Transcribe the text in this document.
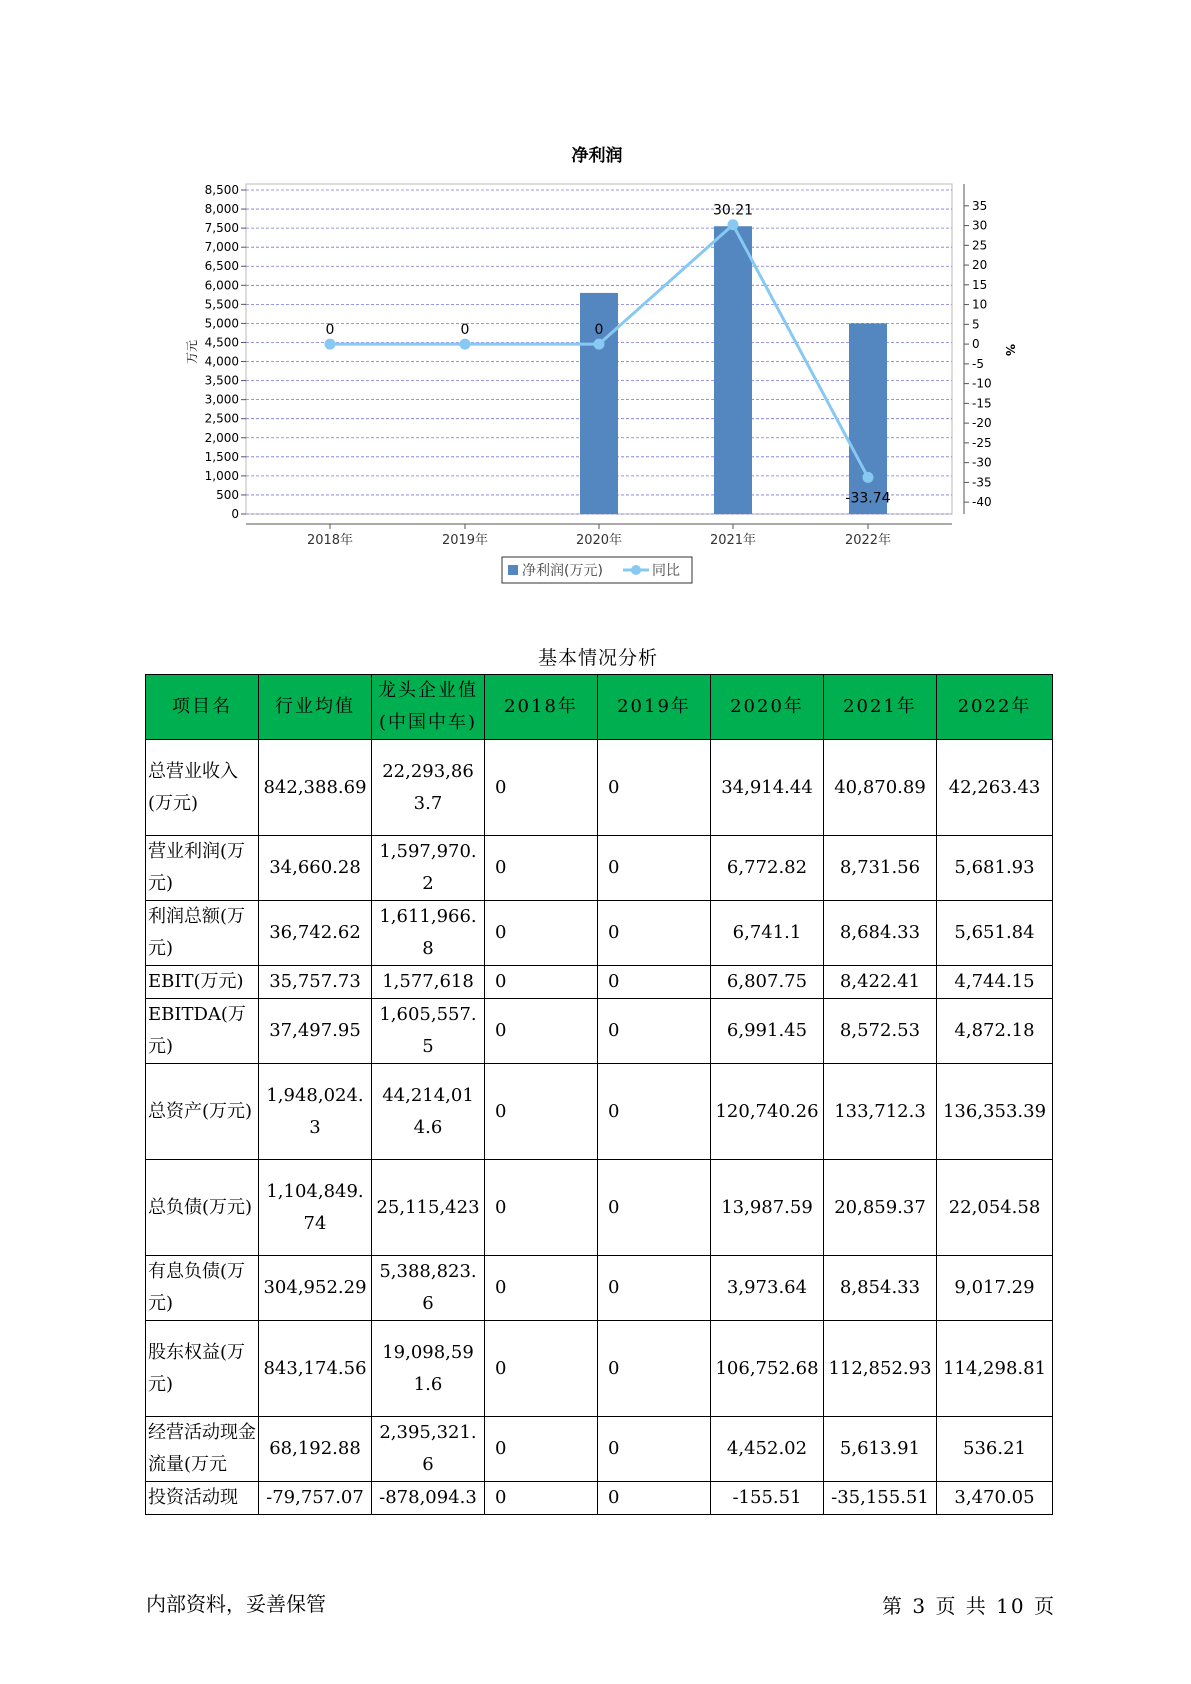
净利润
0
500
1,000
1,500
2,000
2,500
3,000
3,500
4,000
4,500
5,000
5,500
6,000
6,500
7,000
7,500
8,000
8,500
35
30
25
20
15
10
5
0
-5
-10
-15
-20
-25
-30
-35
-40
2018年	2019年	2020年	2021年	2022年
万元	%
0	0	0
30.21
-33.74
净利润(万元)	同比
基本情况分析
项目名	行业均值	龙头企业值(中国中车)	2018年	2019年	2020年	2021年	2022年
总营业收入(万元)	842,388.69	22,293,863.7	0	0	34,914.44	40,870.89	42,263.43
营业利润(万元)	34,660.28	1,597,970.2	0	0	6,772.82	8,731.56	5,681.93
利润总额(万元)	36,742.62	1,611,966.8	0	0	6,741.1	8,684.33	5,651.84
EBIT(万元)	35,757.73	1,577,618	0	0	6,807.75	8,422.41	4,744.15
EBITDA(万元)	37,497.95	1,605,557.5	0	0	6,991.45	8,572.53	4,872.18
总资产(万元)	1,948,024.3	44,214,014.6	0	0	120,740.26	133,712.3	136,353.39
总负债(万元)	1,104,849.74	25,115,423	0	0	13,987.59	20,859.37	22,054.58
有息负债(万元)	304,952.29	5,388,823.6	0	0	3,973.64	8,854.33	9,017.29
股东权益(万元)	843,174.56	19,098,591.6	0	0	106,752.68	112,852.93	114,298.81
经营活动现金流量(万元	68,192.88	2,395,321.6	0	0	4,452.02	5,613.91	536.21
投资活动现	-79,757.07	-878,094.3	0	0	-155.51	-35,155.51	3,470.05
内部资料，妥善保管	第 3 页 共 10 页
